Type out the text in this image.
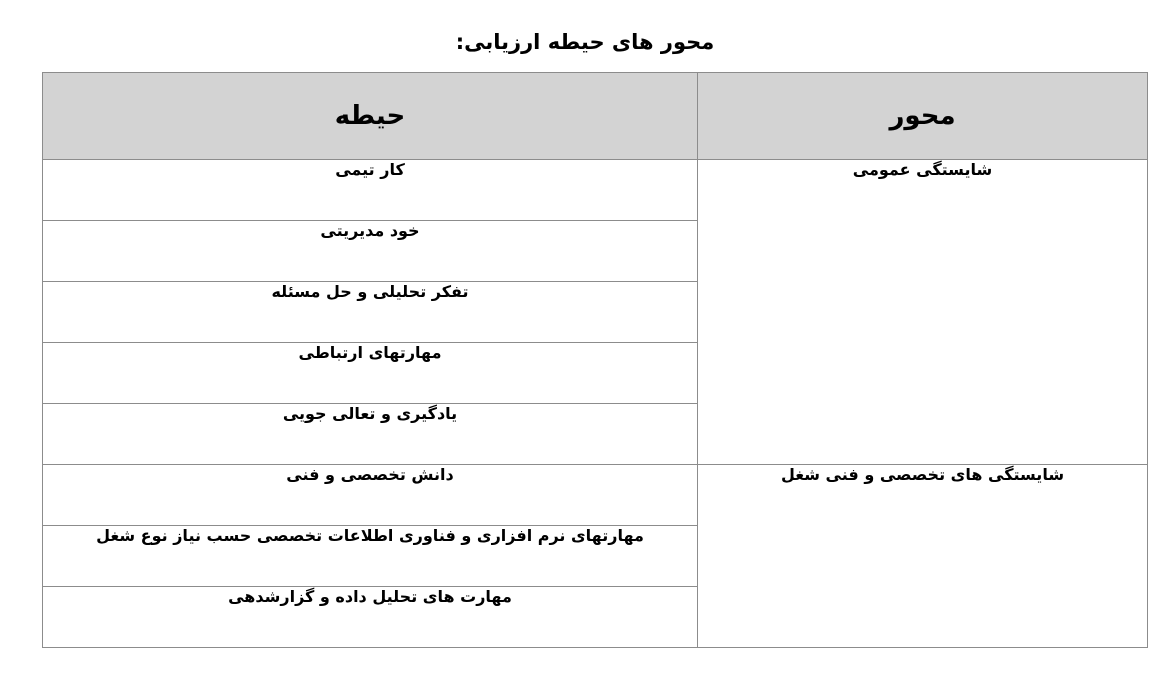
محور های حیطه ارزیابی:
محور	حیطه
شایستگی عمومی	کار تیمی
	خود مدیریتی
	تفکر تحلیلی و حل مسئله
	مهارتهای ارتباطی
	یادگیری و تعالی جویی
شایستگی های تخصصی و فنی شغل	دانش تخصصی و فنی
	مهارتهای نرم افزاری و فناوری اطلاعات تخصصی حسب نیاز نوع شغل
	مهارت های تحلیل داده و گزارشدهی
